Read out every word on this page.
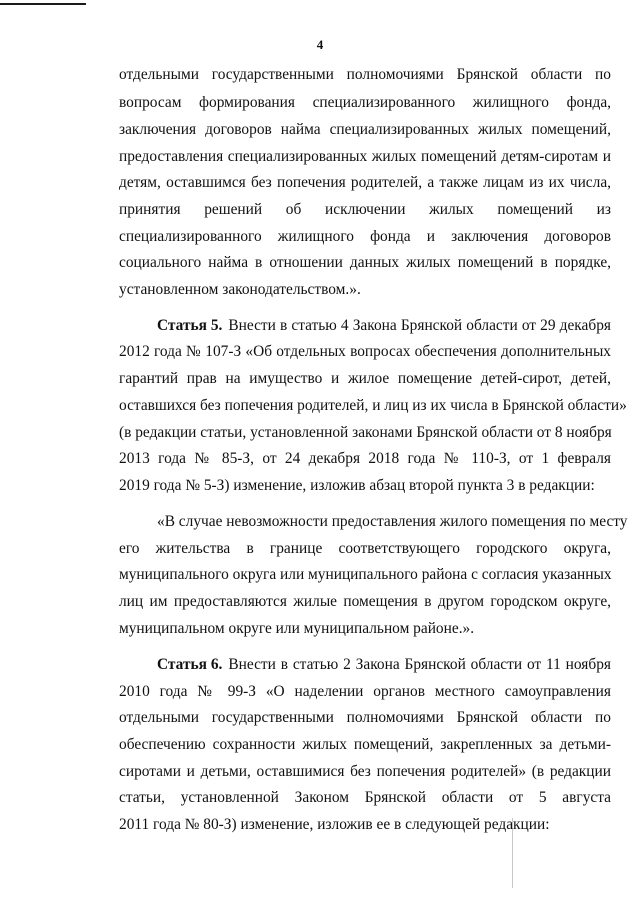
4
отдельными государственными полномочиями Брянской области по
вопросам формирования специализированного жилищного фонда,
заключения договоров найма специализированных жилых помещений,
предоставления специализированных жилых помещений детям-сиротам и
детям, оставшимся без попечения родителей, а также лицам из их числа,
принятия решений об исключении жилых помещений из
специализированного жилищного фонда и заключения договоров
социального найма в отношении данных жилых помещений в порядке,
установленном законодательством.».
Статья 5. Внести в статью 4 Закона Брянской области от 29 декабря
2012 года № 107-З «Об отдельных вопросах обеспечения дополнительных
гарантий прав на имущество и жилое помещение детей-сирот, детей,
оставшихся без попечения родителей, и лиц из их числа в Брянской области»
(в редакции статьи, установленной законами Брянской области от 8 ноября
2013 года № 85-З, от 24 декабря 2018 года № 110-З, от 1 февраля
2019 года № 5-З) изменение, изложив абзац второй пункта 3 в редакции:
«В случае невозможности предоставления жилого помещения по месту
его жительства в границе соответствующего городского округа,
муниципального округа или муниципального района с согласия указанных
лиц им предоставляются жилые помещения в другом городском округе,
муниципальном округе или муниципальном районе.».
Статья 6. Внести в статью 2 Закона Брянской области от 11 ноября
2010 года № 99-З «О наделении органов местного самоуправления
отдельными государственными полномочиями Брянской области по
обеспечению сохранности жилых помещений, закрепленных за детьми-
сиротами и детьми, оставшимися без попечения родителей» (в редакции
статьи, установленной Законом Брянской области от 5 августа
2011 года № 80-З) изменение, изложив ее в следующей редакции:
